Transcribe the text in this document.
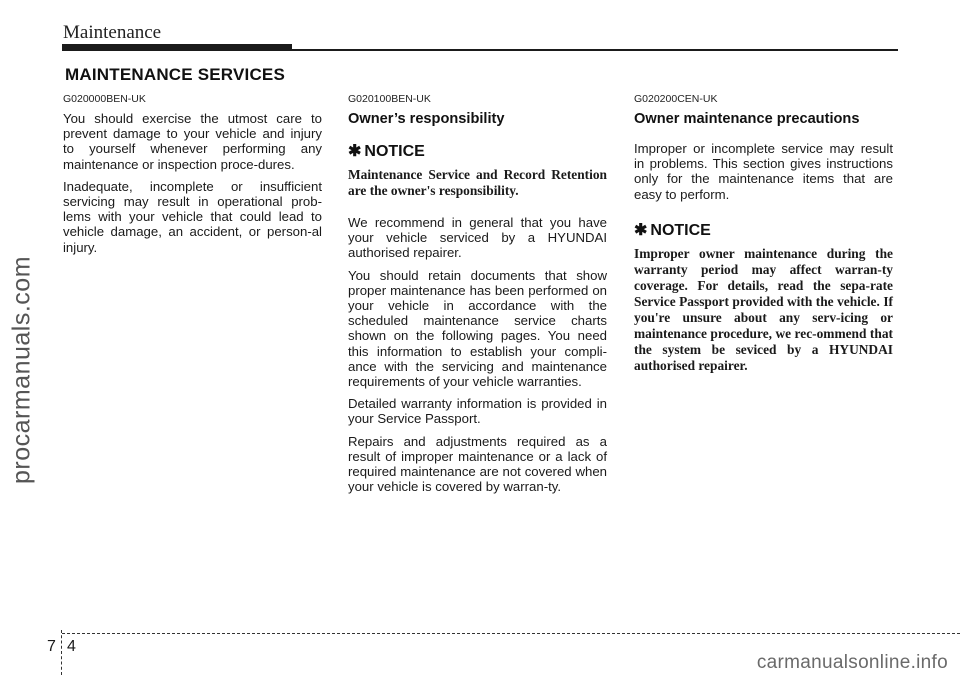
Maintenance
MAINTENANCE SERVICES
procarmanuals.com

G020000BEN-UK

You should exercise the utmost care to prevent damage to your vehicle and injury to yourself whenever performing any maintenance or inspection proce-dures.

Inadequate, incomplete or insufficient servicing may result in operational prob-lems with your vehicle that could lead to vehicle damage, an accident, or person-al injury.

G020100BEN-UK

Owner’s responsibility

✱ NOTICE

Maintenance Service and Record Retention are the owner's responsibility.

We recommend in general that you have your vehicle serviced by a HYUNDAI authorised repairer.

You should retain documents that show proper maintenance has been performed on your vehicle in accordance with the scheduled maintenance service charts shown on the following pages. You need this information to establish your compli-ance with the servicing and maintenance requirements of your vehicle warranties.

Detailed warranty information is provided in your Service Passport.

Repairs and adjustments required as a result of improper maintenance or a lack of required maintenance are not covered when your vehicle is covered by warran-ty.

G020200CEN-UK

Owner maintenance precautions

Improper or incomplete service may result in problems. This section gives instructions only for the maintenance items that are easy to perform.

✱ NOTICE

Improper owner maintenance during the warranty period may affect warran-ty coverage. For details, read the sepa-rate Service Passport provided with the vehicle. If you're unsure about any serv-icing or maintenance procedure, we rec-ommend that the system be seviced by a HYUNDAI authorised repairer.

7 4
carmanualsonline.info
